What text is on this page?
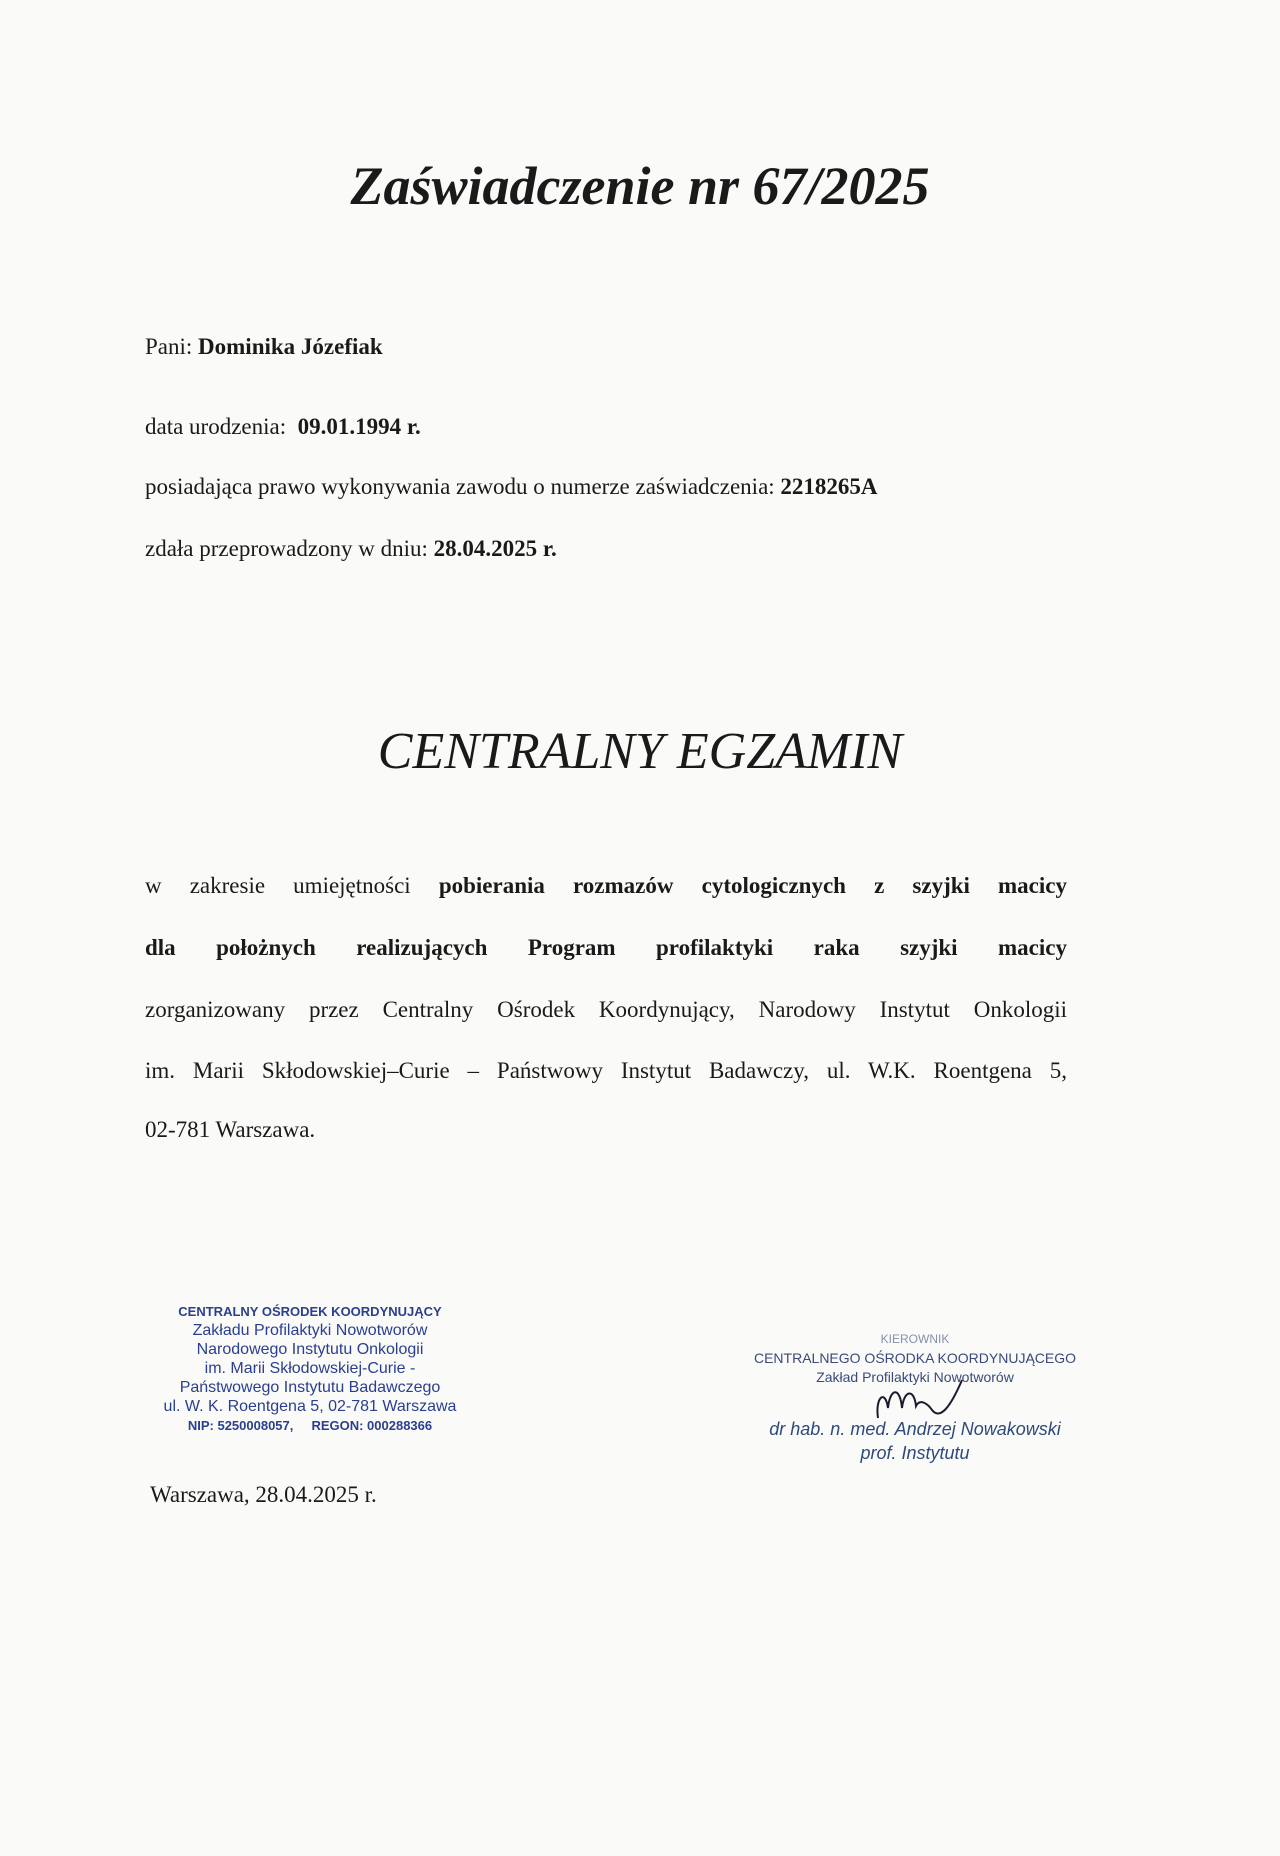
Zaświadczenie nr 67/2025
Pani: Dominika Józefiak
data urodzenia: 09.01.1994 r.
posiadająca prawo wykonywania zawodu o numerze zaświadczenia: 2218265A
zdała przeprowadzony w dniu: 28.04.2025 r.
CENTRALNY EGZAMIN
w zakresie umiejętności pobierania rozmazów cytologicznych z szyjki macicy
dla położnych realizujących Program profilaktyki raka szyjki macicy
zorganizowany przez Centralny Ośrodek Koordynujący, Narodowy Instytut Onkologii
im. Marii Skłodowskiej–Curie – Państwowy Instytut Badawczy, ul. W.K. Roentgena 5,
02-781 Warszawa.
CENTRALNY OŚRODEK KOORDYNUJĄCY
Zakładu Profilaktyki Nowotworów
Narodowego Instytutu Onkologii
im. Marii Skłodowskiej-Curie -
Państwowego Instytutu Badawczego
ul. W. K. Roentgena 5, 02-781 Warszawa
NIP: 5250008057,     REGON: 000288366
KIEROWNIK
CENTRALNEGO OŚRODKA KOORDYNUJĄCEGO
Zakład Profilaktyki Nowotworów
dr hab. n. med. Andrzej Nowakowski
prof. Instytutu
Warszawa, 28.04.2025 r.
